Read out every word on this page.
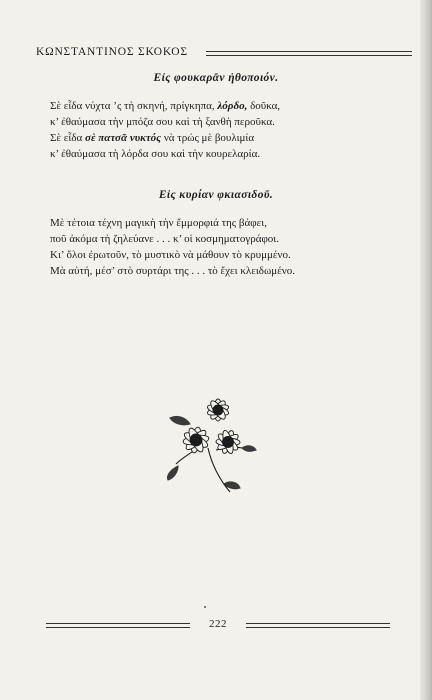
ΚΩΝΣΤΑΝΤΙΝΟΣ ΣΚΟΚΟΣ
Εἰς φουκαρᾶν ἠθοποιόν.
Σὲ εἶδα νύχτα ’ς τὴ σκηνή, πρίγκηπα, λόρδο, δοῦκα,
κ’ ἐθαύμασα τὴν μπόζα σου καὶ τὴ ξανθὴ περοῦκα.
Σὲ εἶδα σὲ πατσᾶ νυκτός νὰ τρώς μὲ βουλιμία
κ’ ἐθαύμασα τὴ λόρδα σου καὶ τὴν κουρελαρία.
Εἰς κυρίαν φκιασιδοῦ.
Μὲ τέτοια τέχνη μαγικὴ τὴν ἔμμορφιά της βάφει,
ποῦ ἀκόμα τὴ ζηλεύανε . . . κ’ οἱ κοσμηματογράφοι.
Κι’ ὅλοι ἐρωτοῦν, τὸ μυστικὸ νὰ μάθουν τὸ κρυμμένο.
Μὰ αὐτή, μέσ’ στὸ συρτάρι της . . . τὸ ἔχει κλειδωμένο.
222
